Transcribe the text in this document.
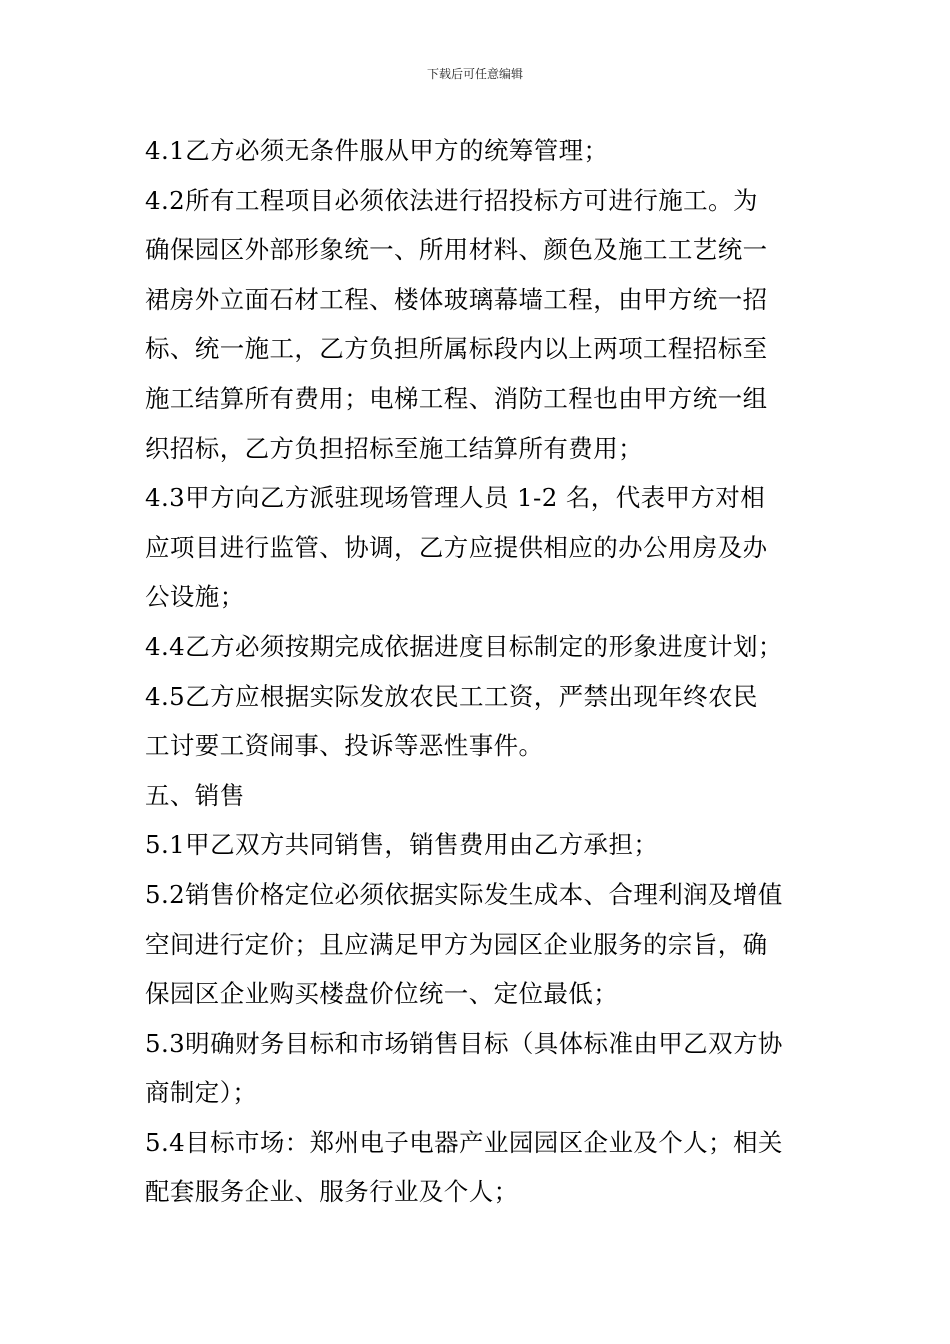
下载后可任意编辑
4.1乙方必须无条件服从甲方的统筹管理；
4.2所有工程项目必须依法进行招投标方可进行施工。为
确保园区外部形象统一、所用材料、颜色及施工工艺统一
裙房外立面石材工程、楼体玻璃幕墙工程，由甲方统一招
标、统一施工，乙方负担所属标段内以上两项工程招标至
施工结算所有费用；电梯工程、消防工程也由甲方统一组
织招标，乙方负担招标至施工结算所有费用；
4.3甲方向乙方派驻现场管理人员 1-2 名，代表甲方对相
应项目进行监管、协调，乙方应提供相应的办公用房及办
公设施；
4.4乙方必须按期完成依据进度目标制定的形象进度计划；
4.5乙方应根据实际发放农民工工资，严禁出现年终农民
工讨要工资闹事、投诉等恶性事件。
五、销售
5.1甲乙双方共同销售，销售费用由乙方承担；
5.2销售价格定位必须依据实际发生成本、合理利润及增值
空间进行定价；且应满足甲方为园区企业服务的宗旨，确
保园区企业购买楼盘价位统一、定位最低；
5.3明确财务目标和市场销售目标（具体标准由甲乙双方协
商制定）；
5.4目标市场：郑州电子电器产业园园区企业及个人；相关
配套服务企业、服务行业及个人；
